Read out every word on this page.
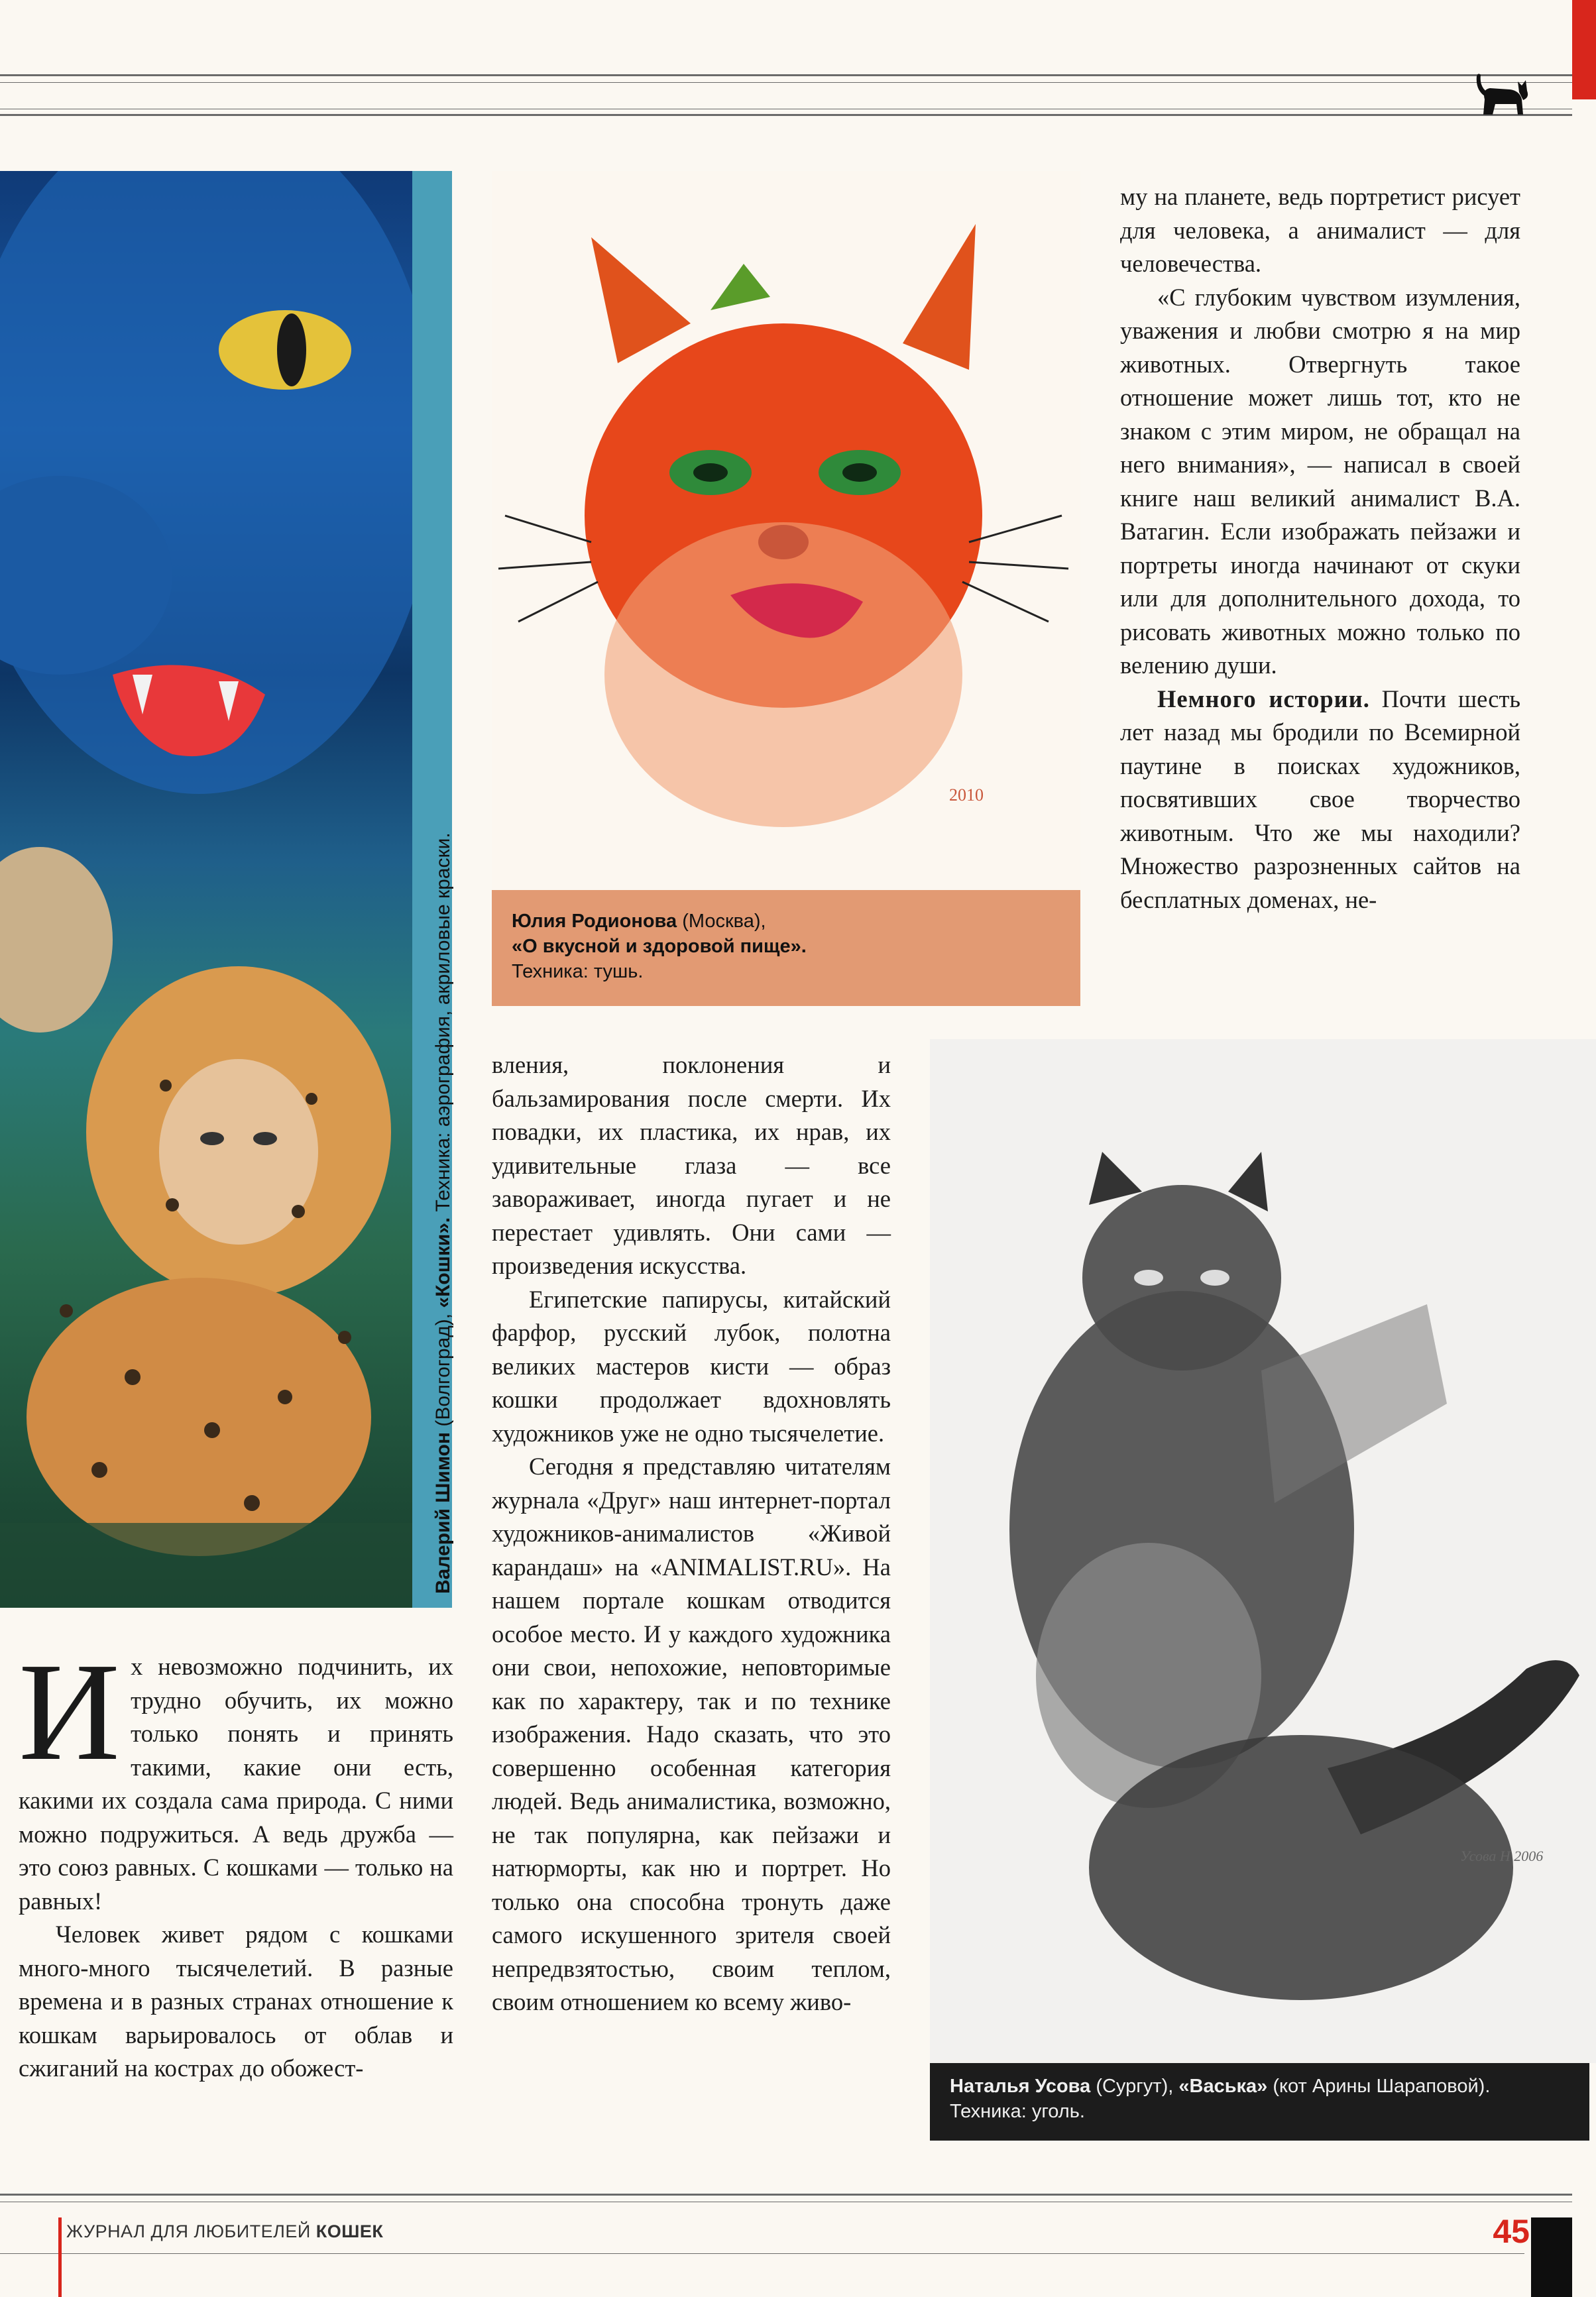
Валерий Шимон (Волгоград), «Кошки». Техника: аэрография, акриловые краски.
2010
Юлия Родионова (Москва),
«О вкусной и здоровой пище».
Техника: тушь.
Усова Н 2006
Наталья Усова (Сургут), «Васька» (кот Арины Шараповой).
Техника: уголь.
И х невозможно подчинить, их трудно обучить, их можно только понять и принять такими, какие они есть, какими их создала сама природа. С ними можно подружиться. А ведь дружба — это союз равных. С кошками — только на равных!

Человек живет рядом с кошками много-много тысячелетий. В разные времена и в разных странах отношение к кошкам варьировалось от облав и сжиганий на кострах до обожест-

вления, поклонения и бальзамирования после смерти. Их повадки, их пластика, их нрав, их удивительные глаза — все завораживает, иногда пугает и не перестает удивлять. Они сами — произведения искусства.

Египетские папирусы, китайский фарфор, русский лубок, полотна великих мастеров кисти — образ кошки продолжает вдохновлять художников уже не одно тысячелетие.

Сегодня я представляю читателям журнала «Друг» наш интернет-портал художников-анималистов «Живой карандаш» на «ANIMALIST.RU». На нашем портале кошкам отводится особое место. И у каждого художника они свои, непохожие, неповторимые как по характеру, так и по технике изображения. Надо сказать, что это совершенно особенная категория людей. Ведь анималистика, возможно, не так популярна, как пейзажи и натюрморты, как ню и портрет. Но только она способна тронуть даже самого искушенного зрителя своей непредвзятостью, своим теплом, своим отношением ко всему живо-

му на планете, ведь портретист рисует для человека, а анималист — для человечества.

«С глубоким чувством изумления, уважения и любви смотрю я на мир животных. Отвергнуть такое отношение может лишь тот, кто не знаком с этим миром, не обращал на него внимания», — написал в своей книге наш великий анималист В.А. Ватагин. Если изображать пейзажи и портреты иногда начинают от скуки или для дополнительного дохода, то рисовать животных можно только по велению души.

Немного истории. Почти шесть лет назад мы бродили по Всемирной паутине в поисках художников, посвятивших свое творчество животным. Что же мы находили? Множество разрозненных сайтов на бесплатных доменах, не-

ЖУРНАЛ ДЛЯ ЛЮБИТЕЛЕЙ КОШЕК	45
